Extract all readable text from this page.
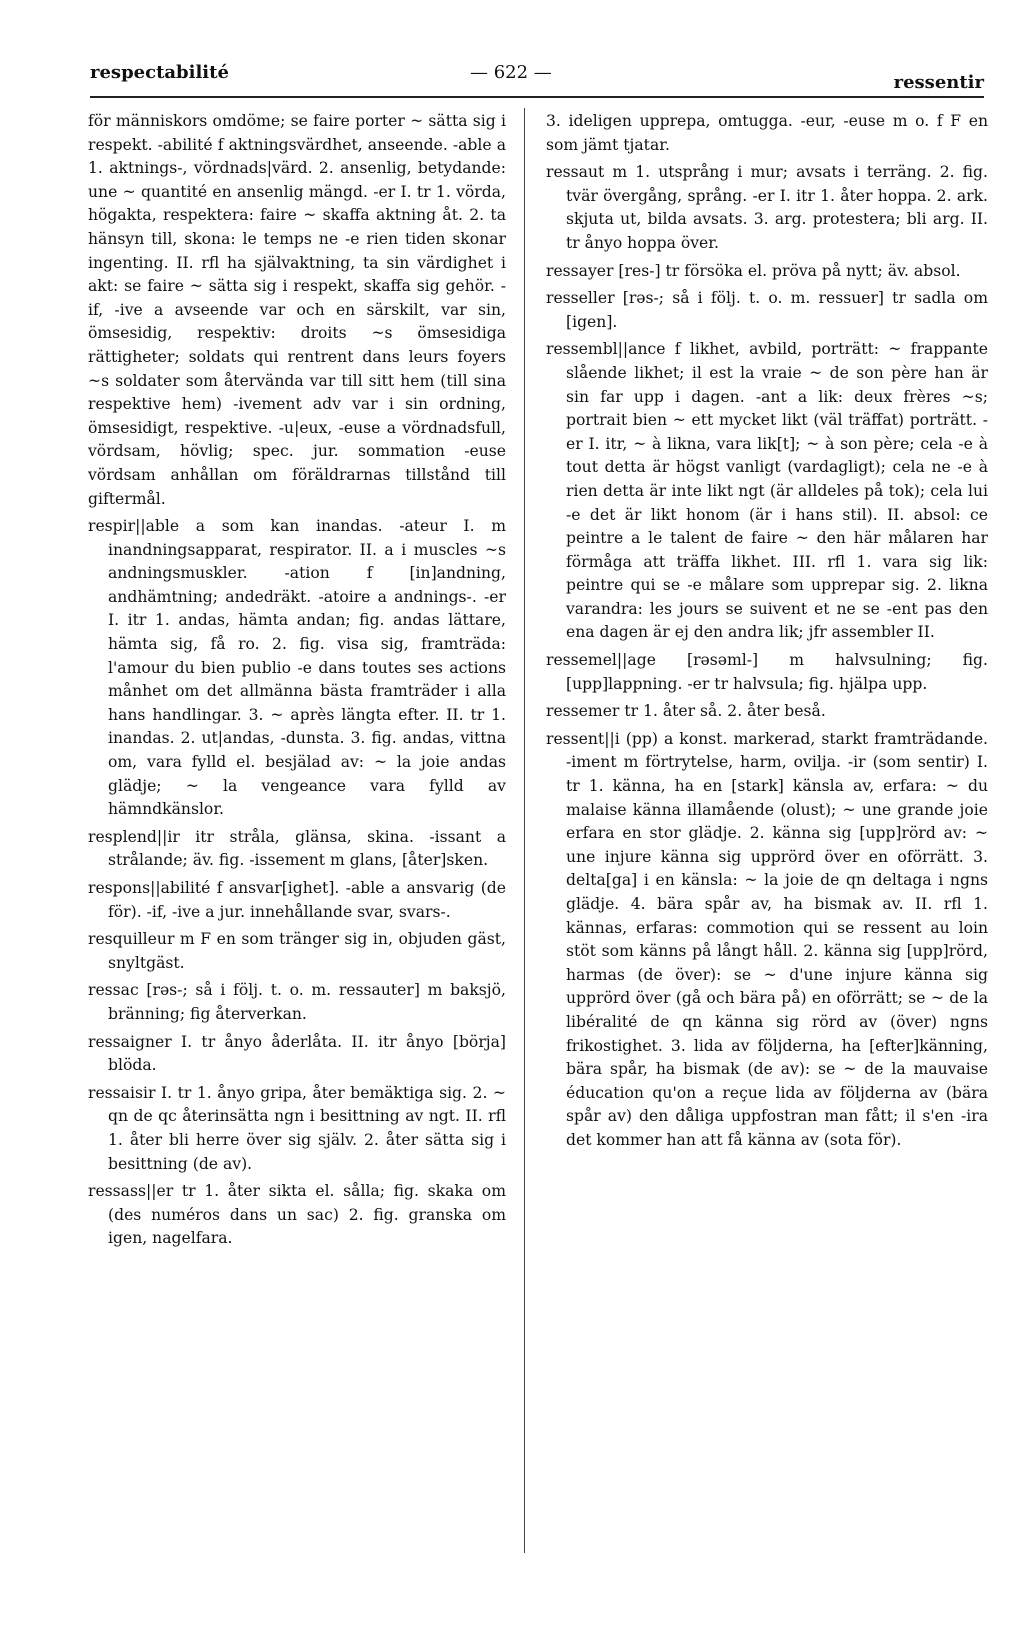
respectabilité	— 622 —	ressentir

för människors omdöme; se faire porter ~ sätta sig i respekt. -abilité f aktningsvärdhet, anseende. -able a 1. aktnings-, vördnads|värd. 2. ansenlig, betydande: une ~ quantité en ansenlig mängd. -er I. tr 1. vörda, högakta, respektera: faire ~ skaffa aktning åt. 2. ta hänsyn till, skona: le temps ne -e rien tiden skonar ingenting. II. rfl ha självaktning, ta sin värdighet i akt: se faire ~ sätta sig i respekt, skaffa sig gehör. -if, -ive a avseende var och en särskilt, var sin, ömsesidig, respektiv: droits ~s ömsesidiga rättigheter; soldats qui rentrent dans leurs foyers ~s soldater som återvända var till sitt hem (till sina respektive hem) -ivement adv var i sin ordning, ömsesidigt, respektive. -u|eux, -euse a vördnadsfull, vördsam, hövlig; spec. jur. sommation -euse vördsam anhållan om föräldrarnas tillstånd till giftermål.

respir||able a som kan inandas. -ateur I. m inandningsapparat, respirator. II. a i muscles ~s andningsmuskler. -ation f [in]andning, andhämtning; andedräkt. -atoire a andnings-. -er I. itr 1. andas, hämta andan; fig. andas lättare, hämta sig, få ro. 2. fig. visa sig, framträda: l'amour du bien publio -e dans toutes ses actions månhet om det allmänna bästa framträder i alla hans handlingar. 3. ~ après längta efter. II. tr 1. inandas. 2. ut|andas, -dunsta. 3. fig. andas, vittna om, vara fylld el. besjälad av: ~ la joie andas glädje; ~ la vengeance vara fylld av hämndkänslor.

resplend||ir itr stråla, glänsa, skina. -issant a strålande; äv. fig. -issement m glans, [åter]sken.

respons||abilité f ansvar[ighet]. -able a ansvarig (de för). -if, -ive a jur. innehållande svar, svars-.

resquilleur m F en som tränger sig in, objuden gäst, snyltgäst.

ressac [rəs-; så i följ. t. o. m. ressauter] m baksjö, bränning; fig återverkan.

ressaigner I. tr ånyo åderlåta. II. itr ånyo [börja] blöda.

ressaisir I. tr 1. ånyo gripa, åter bemäktiga sig. 2. ~ qn de qc återinsätta ngn i besittning av ngt. II. rfl 1. åter bli herre över sig själv. 2. åter sätta sig i besittning (de av).

ressass||er tr 1. åter sikta el. sålla; fig. skaka om (des numéros dans un sac) 2. fig. granska om igen, nagelfara.

3. ideligen upprepa, omtugga. -eur, -euse m o. f F en som jämt tjatar.

ressaut m 1. utsprång i mur; avsats i terräng. 2. fig. tvär övergång, språng. -er I. itr 1. åter hoppa. 2. ark. skjuta ut, bilda avsats. 3. arg. protestera; bli arg. II. tr ånyo hoppa över.

ressayer [res-] tr försöka el. pröva på nytt; äv. absol.

resseller [rəs-; så i följ. t. o. m. ressuer] tr sadla om [igen].

ressembl||ance f likhet, avbild, porträtt: ~ frappante slående likhet; il est la vraie ~ de son père han är sin far upp i dagen. -ant a lik: deux frères ~s; portrait bien ~ ett mycket likt (väl träffat) porträtt. -er I. itr, ~ à likna, vara lik[t]; ~ à son père; cela -e à tout detta är högst vanligt (vardagligt); cela ne -e à rien detta är inte likt ngt (är alldeles på tok); cela lui -e det är likt honom (är i hans stil). II. absol: ce peintre a le talent de faire ~ den här målaren har förmåga att träffa likhet. III. rfl 1. vara sig lik: peintre qui se -e målare som upprepar sig. 2. likna varandra: les jours se suivent et ne se -ent pas den ena dagen är ej den andra lik; jfr assembler II.

ressemel||age [rəsəml-] m halvsulning; fig. [upp]lappning. -er tr halvsula; fig. hjälpa upp.

ressemer tr 1. åter så. 2. åter beså.

ressent||i (pp) a konst. markerad, starkt framträdande. -iment m förtrytelse, harm, ovilja. -ir (som sentir) I. tr 1. känna, ha en [stark] känsla av, erfara: ~ du malaise känna illamående (olust); ~ une grande joie erfara en stor glädje. 2. känna sig [upp]rörd av: ~ une injure känna sig upprörd över en oförrätt. 3. delta[ga] i en känsla: ~ la joie de qn deltaga i ngns glädje. 4. bära spår av, ha bismak av. II. rfl 1. kännas, erfaras: commotion qui se ressent au loin stöt som känns på långt håll. 2. känna sig [upp]rörd, harmas (de över): se ~ d'une injure känna sig upprörd över (gå och bära på) en oförrätt; se ~ de la libéralité de qn känna sig rörd av (över) ngns frikostighet. 3. lida av följderna, ha [efter]känning, bära spår, ha bismak (de av): se ~ de la mauvaise éducation qu'on a reçue lida av följderna av (bära spår av) den dåliga uppfostran man fått; il s'en -ira det kommer han att få känna av (sota för).
